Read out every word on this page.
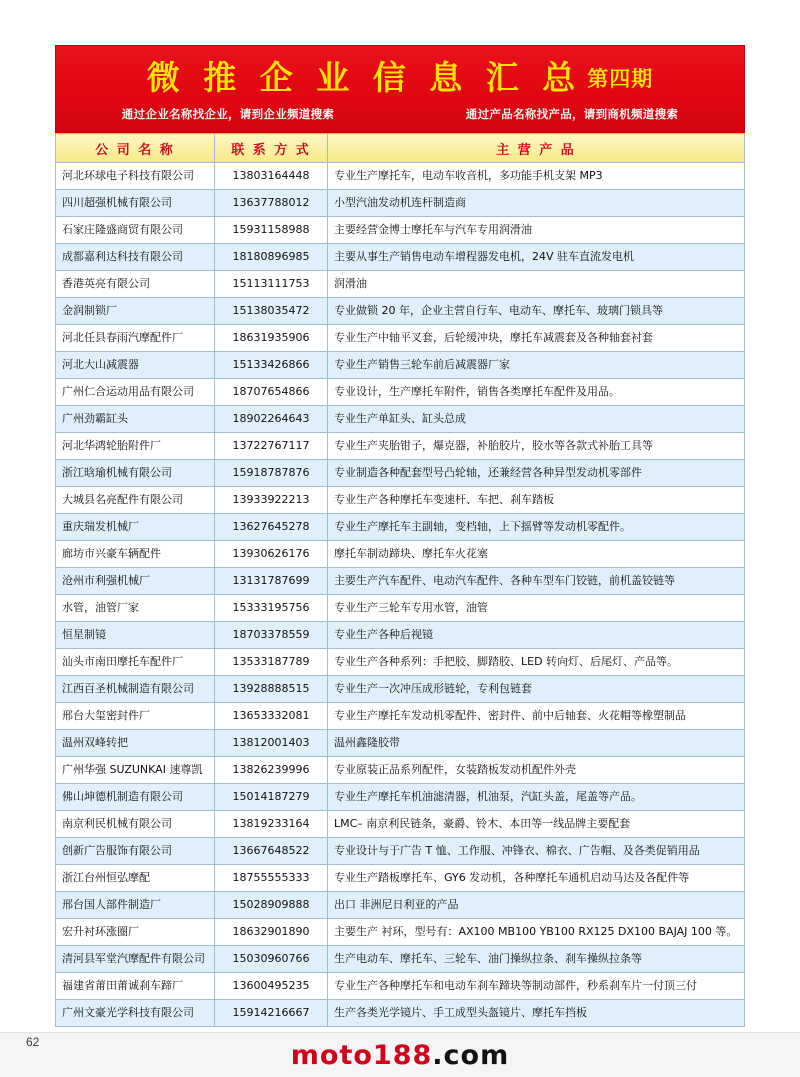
微 推 企 业 信 息 汇 总 第四期
通过企业名称找企业，请到企业频道搜索	通过产品名称找产品，请到商机频道搜索
公 司 名 称	联 系 方 式	主 营 产 品
河北环球电子科技有限公司	13803164448	专业生产摩托车，电动车收音机，多功能手机支架 MP3
四川超强机械有限公司	13637788012	小型汽油发动机连杆制造商
石家庄隆盛商贸有限公司	15931158988	主要经营金博士摩托车与汽车专用润滑油
成都嘉利达科技有限公司	18180896985	主要从事生产销售电动车增程器发电机，24V 驻车直流发电机
香港英亮有限公司	15113111753	润滑油
金润制锁厂	15138035472	专业做锁 20 年，企业主营自行车、电动车、摩托车、玻璃门锁具等
河北任县春雨汽摩配件厂	18631935906	专业生产中轴平叉套，后轮缓冲块，摩托车减震套及各种轴套衬套
河北大山减震器	15133426866	专业生产销售三轮车前后减震器厂家
广州仁合运动用品有限公司	18707654866	专业设计，生产摩托车附件，销售各类摩托车配件及用品。
广州劲霸缸头	18902264643	专业生产单缸头、缸头总成
河北华鸿轮胎附件厂	13722767117	专业生产夹胎钳子，爆克器，补胎胶片，胶水等各款式补胎工具等
浙江晗瑜机械有限公司	15918787876	专业制造各种配套型号凸轮轴，还兼经营各种异型发动机零部件
大城县名亮配件有限公司	13933922213	专业生产各种摩托车变速杆、车把、刹车踏板
重庆瑞发机械厂	13627645278	专业生产摩托车主副轴，变档轴，上下摇臂等发动机零配件。
廊坊市兴豪车辆配件	13930626176	摩托车制动蹄块、摩托车火花塞
沧州市利强机械厂	13131787699	主要生产汽车配件、电动汽车配件、各种车型车门铰链，前机盖铰链等
水管，油管厂家	15333195756	专业生产三轮车专用水管，油管
恒星制镜	18703378559	专业生产各种后视镜
汕头市南田摩托车配件厂	13533187789	专业生产各种系列：手把胶、脚踏胶、LED 转向灯、后尾灯、产品等。
江西百圣机械制造有限公司	13928888515	专业生产一次冲压成形链轮，专利包链套
邢台大玺密封件厂	13653332081	专业生产摩托车发动机零配件、密封件、前中后轴套、火花帽等橡塑制品
温州双峰转把	13812001403	温州鑫隆胶带
广州华强 SUZUNKAI 速尊凯	13826239996	专业原装正品系列配件，女装踏板发动机配件外壳
佛山坤德机制造有限公司	15014187279	专业生产摩托车机油滤清器，机油泵，汽缸头盖，尾盖等产品。
南京利民机械有限公司	13819233164	LMC– 南京利民链条，豪爵、铃木、本田等一线品牌主要配套
创新广告服饰有限公司	13667648522	专业设计与于广告 T 恤、工作服、冲锋衣、棉衣、广告帽、及各类促销用品
浙江台州恒弘摩配	18755555333	专业生产踏板摩托车、GY6 发动机，各种摩托车通机启动马达及各配件等
邢台国人部件制造厂	15028909888	出口 非洲尼日利亚的产品
宏升衬环涨圈厂	18632901890	主要生产 衬环，型号有：AX100 MB100 YB100 RX125 DX100 BAJAJ 100 等。
清河县军堂汽摩配件有限公司	15030960766	生产电动车、摩托车、三轮车、油门操纵拉条、刹车操纵拉条等
福建省莆田莆诚刹车蹄厂	13600495235	专业生产各种摩托车和电动车刹车蹄块等制动部件，秒系刹车片一付顶三付
广州文豪光学科技有限公司	15914216667	生产各类光学镜片、手工成型头盔镜片、摩托车挡板
62	moto188.com
